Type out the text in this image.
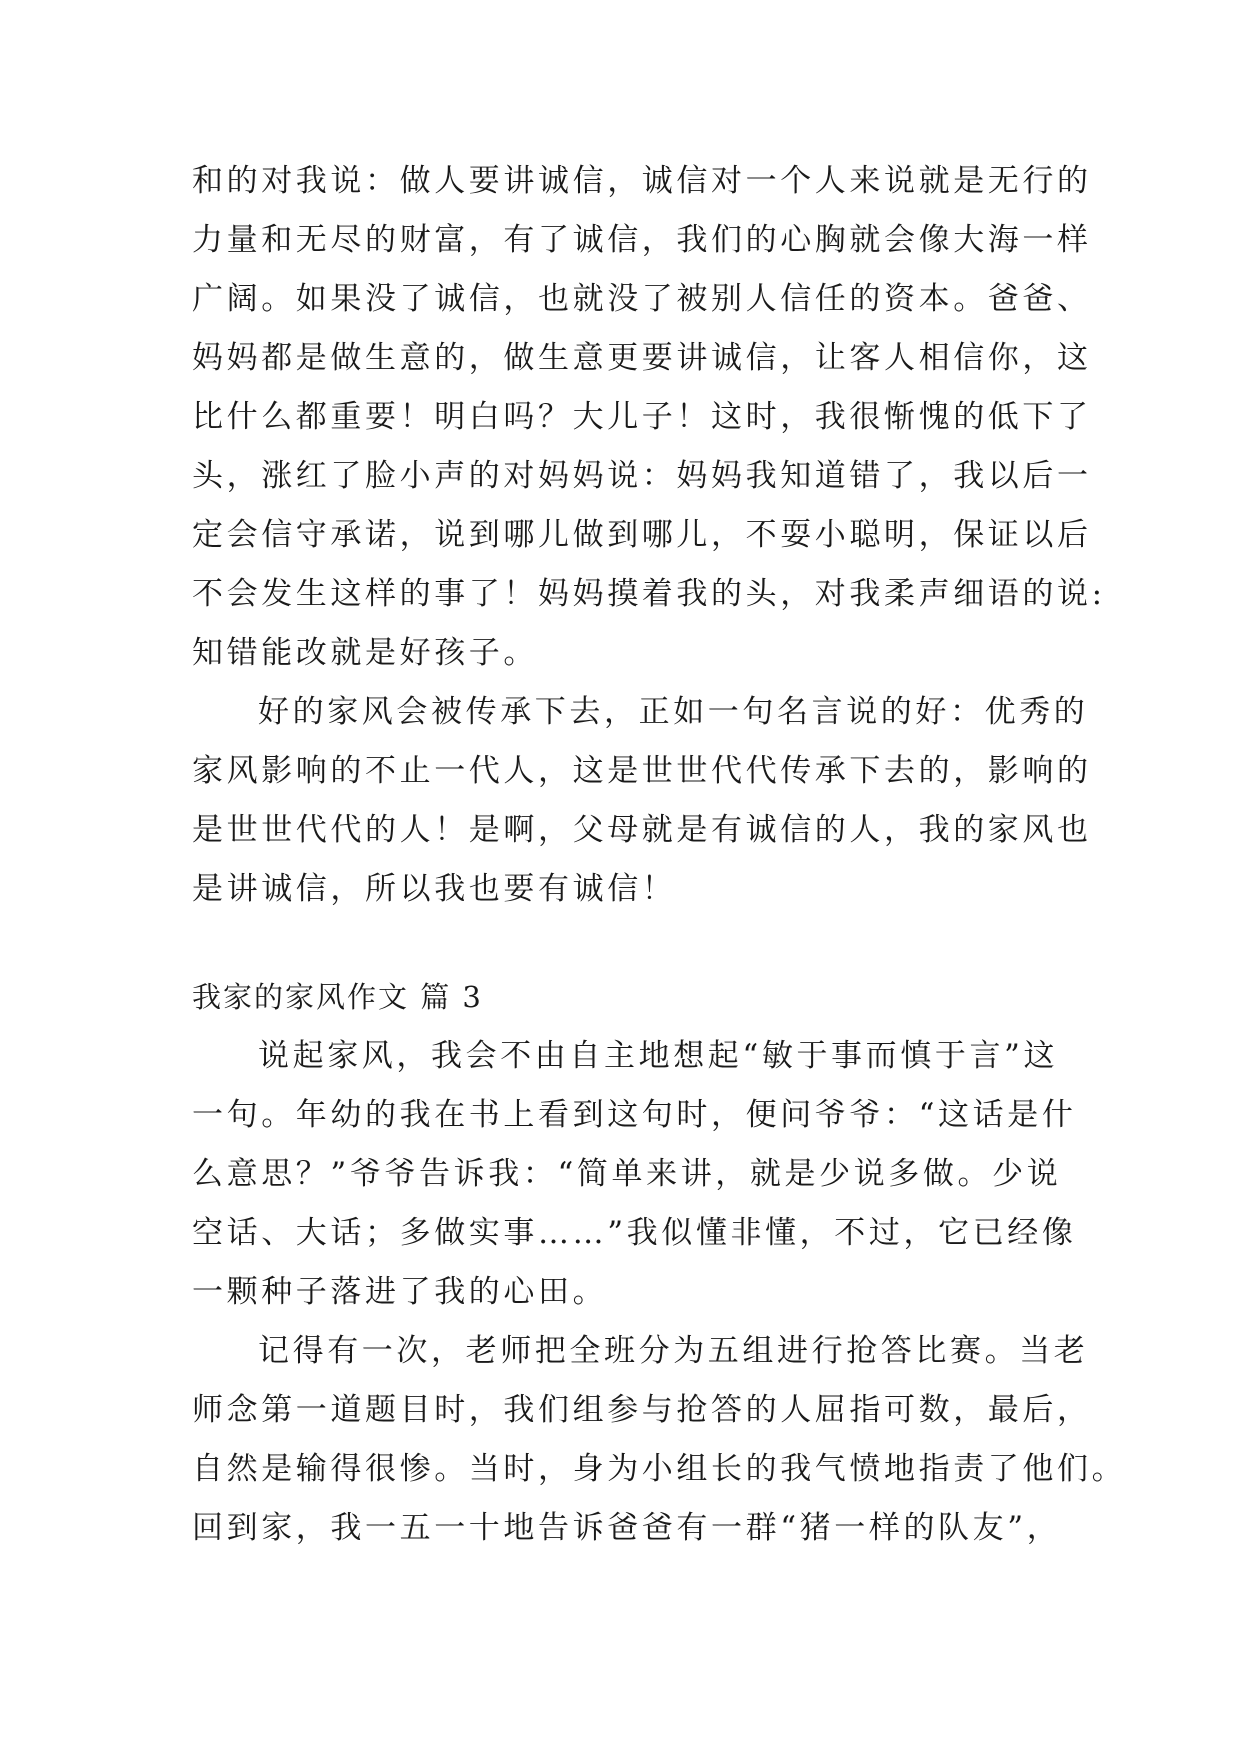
和的对我说：做人要讲诚信，诚信对一个人来说就是无行的
力量和无尽的财富，有了诚信，我们的心胸就会像大海一样
广阔。如果没了诚信，也就没了被别人信任的资本。爸爸、
妈妈都是做生意的，做生意更要讲诚信，让客人相信你，这
比什么都重要！明白吗？大儿子！这时，我很惭愧的低下了
头，涨红了脸小声的对妈妈说：妈妈我知道错了，我以后一
定会信守承诺，说到哪儿做到哪儿，不耍小聪明，保证以后
不会发生这样的事了！妈妈摸着我的头，对我柔声细语的说:
知错能改就是好孩子。
好的家风会被传承下去，正如一句名言说的好：优秀的
家风影响的不止一代人，这是世世代代传承下去的，影响的
是世世代代的人！是啊，父母就是有诚信的人，我的家风也
是讲诚信，所以我也要有诚信！
我家的家风作文 篇 3
说起家风，我会不由自主地想起“敏于事而慎于言”这
一句。年幼的我在书上看到这句时，便问爷爷：“这话是什
么意思？”爷爷告诉我：“简单来讲，就是少说多做。少说
空话、大话；多做实事……”我似懂非懂，不过，它已经像
一颗种子落进了我的心田。
记得有一次，老师把全班分为五组进行抢答比赛。当老
师念第一道题目时，我们组参与抢答的人屈指可数，最后，
自然是输得很惨。当时，身为小组长的我气愤地指责了他们。
回到家，我一五一十地告诉爸爸有一群“猪一样的队友”，
